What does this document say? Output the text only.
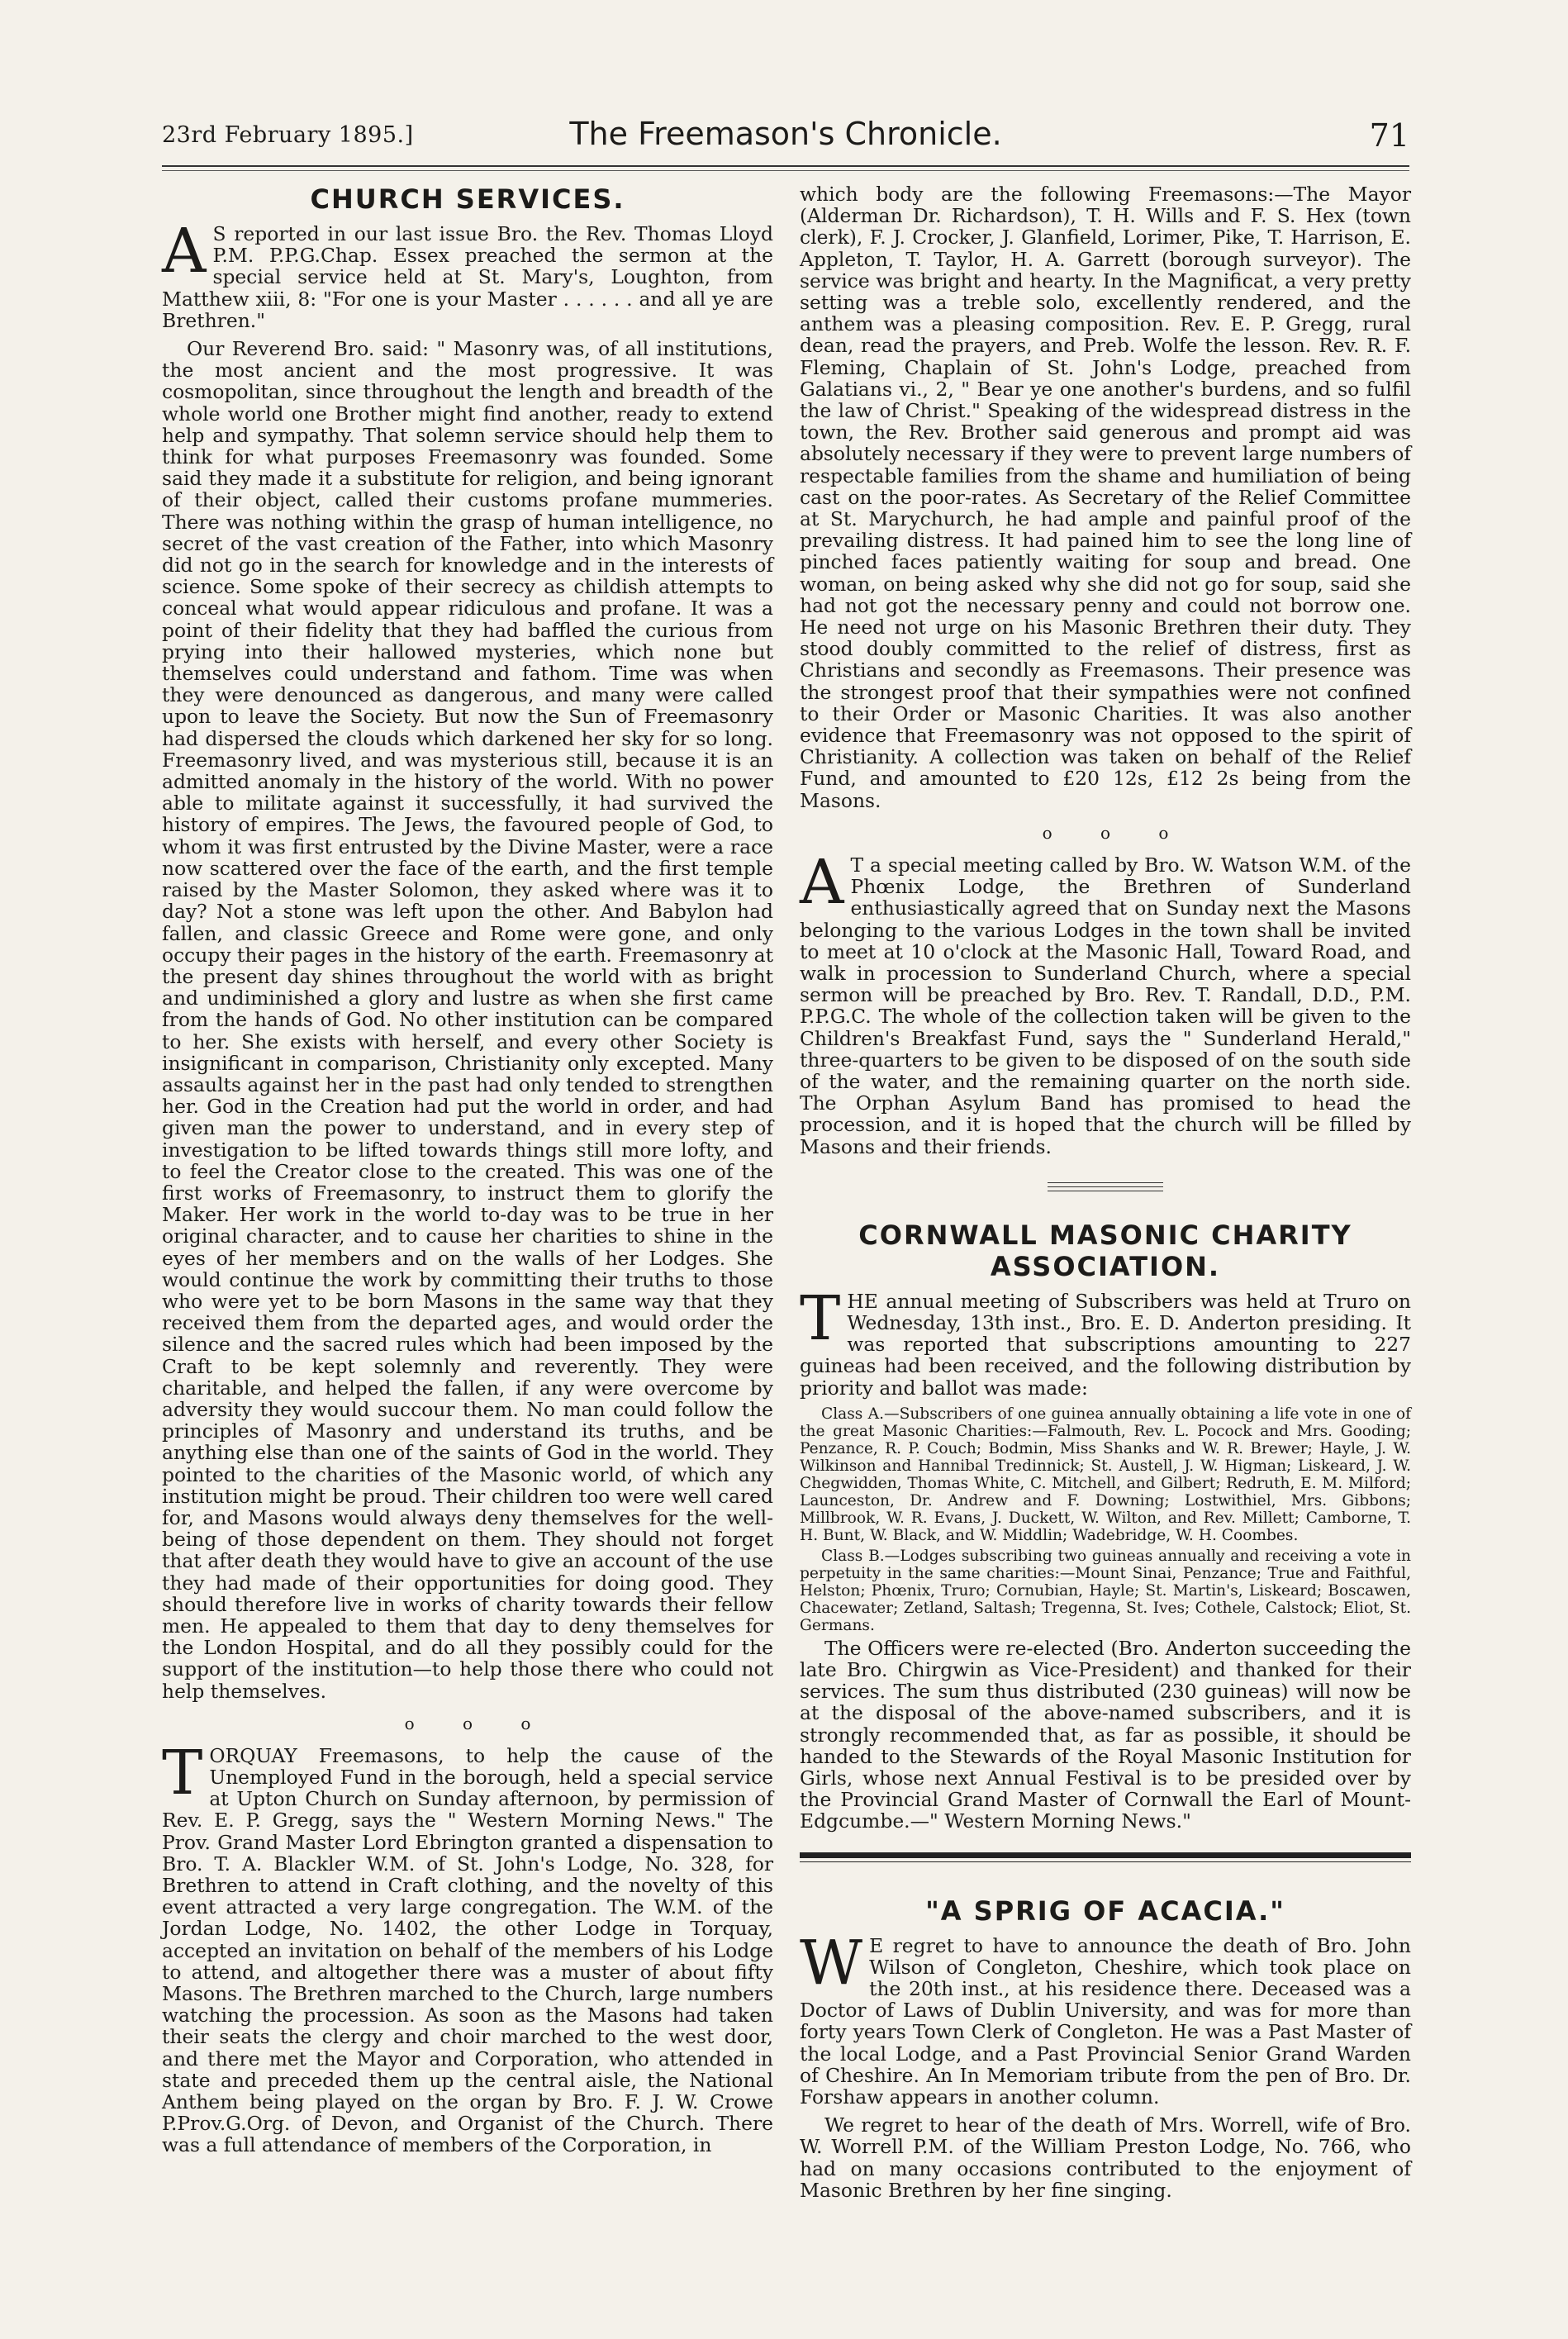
23rd February 1895.]	The Freemason's Chronicle.	71
CHURCH SERVICES.

A S reported in our last issue Bro. the Rev. Thomas Lloyd P.M. P.P.G.Chap. Essex preached the sermon at the special service held at St. Mary's, Loughton, from Matthew xiii, 8: "For one is your Master . . . . . . and all ye are Brethren."

Our Reverend Bro. said: " Masonry was, of all institutions, the most ancient and the most progressive. It was cosmopolitan, since throughout the length and breadth of the whole world one Brother might find another, ready to extend help and sympathy. That solemn service should help them to think for what purposes Freemasonry was founded. Some said they made it a substitute for religion, and being ignorant of their object, called their customs profane mummeries. There was nothing within the grasp of human intelligence, no secret of the vast creation of the Father, into which Masonry did not go in the search for knowledge and in the interests of science. Some spoke of their secrecy as childish attempts to conceal what would appear ridiculous and profane. It was a point of their fidelity that they had baffled the curious from prying into their hallowed mysteries, which none but themselves could understand and fathom. Time was when they were denounced as dangerous, and many were called upon to leave the Society. But now the Sun of Freemasonry had dispersed the clouds which darkened her sky for so long. Freemasonry lived, and was mysterious still, because it is an admitted anomaly in the history of the world. With no power able to militate against it successfully, it had survived the history of empires. The Jews, the favoured people of God, to whom it was first entrusted by the Divine Master, were a race now scattered over the face of the earth, and the first temple raised by the Master Solomon, they asked where was it to day? Not a stone was left upon the other. And Babylon had fallen, and classic Greece and Rome were gone, and only occupy their pages in the history of the earth. Freemasonry at the present day shines throughout the world with as bright and undiminished a glory and lustre as when she first came from the hands of God. No other institution can be compared to her. She exists with herself, and every other Society is insignificant in comparison, Christianity only excepted. Many assaults against her in the past had only tended to strengthen her. God in the Creation had put the world in order, and had given man the power to understand, and in every step of investigation to be lifted towards things still more lofty, and to feel the Creator close to the created. This was one of the first works of Freemasonry, to instruct them to glorify the Maker. Her work in the world to-day was to be true in her original character, and to cause her charities to shine in the eyes of her members and on the walls of her Lodges. She would continue the work by committing their truths to those who were yet to be born Masons in the same way that they received them from the departed ages, and would order the silence and the sacred rules which had been imposed by the Craft to be kept solemnly and reverently. They were charitable, and helped the fallen, if any were overcome by adversity they would succour them. No man could follow the principles of Masonry and understand its truths, and be anything else than one of the saints of God in the world. They pointed to the charities of the Masonic world, of which any institution might be proud. Their children too were well cared for, and Masons would always deny themselves for the well-being of those dependent on them. They should not forget that after death they would have to give an account of the use they had made of their opportunities for doing good. They should therefore live in works of charity towards their fellow men. He appealed to them that day to deny themselves for the London Hospital, and do all they possibly could for the support of the institution—to help those there who could not help themselves.

o o o

TORQUAY Freemasons, to help the cause of the Unemployed Fund in the borough, held a special service at Upton Church on Sunday afternoon, by permission of Rev. E. P. Gregg, says the " Western Morning News." The Prov. Grand Master Lord Ebrington granted a dispensation to Bro. T. A. Blackler W.M. of St. John's Lodge, No. 328, for Brethren to attend in Craft clothing, and the novelty of this event attracted a very large congregation. The W.M. of the Jordan Lodge, No. 1402, the other Lodge in Torquay, accepted an invitation on behalf of the members of his Lodge to attend, and altogether there was a muster of about fifty Masons. The Brethren marched to the Church, large numbers watching the procession. As soon as the Masons had taken their seats the clergy and choir marched to the west door, and there met the Mayor and Corporation, who attended in state and preceded them up the central aisle, the National Anthem being played on the organ by Bro. F. J. W. Crowe P.Prov.G.Org. of Devon, and Organist of the Church. There was a full attendance of members of the Corporation, in

which body are the following Freemasons:—The Mayor (Alderman Dr. Richardson), T. H. Wills and F. S. Hex (town clerk), F. J. Crocker, J. Glanfield, Lorimer, Pike, T. Harrison, E. Appleton, T. Taylor, H. A. Garrett (borough surveyor). The service was bright and hearty. In the Magnificat, a very pretty setting was a treble solo, excellently rendered, and the anthem was a pleasing composition. Rev. E. P. Gregg, rural dean, read the prayers, and Preb. Wolfe the lesson. Rev. R. F. Fleming, Chaplain of St. John's Lodge, preached from Galatians vi., 2, " Bear ye one another's burdens, and so fulfil the law of Christ." Speaking of the widespread distress in the town, the Rev. Brother said generous and prompt aid was absolutely necessary if they were to prevent large numbers of respectable families from the shame and humiliation of being cast on the poor-rates. As Secretary of the Relief Committee at St. Marychurch, he had ample and painful proof of the prevailing distress. It had pained him to see the long line of pinched faces patiently waiting for soup and bread. One woman, on being asked why she did not go for soup, said she had not got the necessary penny and could not borrow one. He need not urge on his Masonic Brethren their duty. They stood doubly committed to the relief of distress, first as Christians and secondly as Freemasons. Their presence was the strongest proof that their sympathies were not confined to their Order or Masonic Charities. It was also another evidence that Freemasonry was not opposed to the spirit of Christianity. A collection was taken on behalf of the Relief Fund, and amounted to £20 12s, £12 2s being from the Masons.

o o o

A T a special meeting called by Bro. W. Watson W.M. of the Phœnix Lodge, the Brethren of Sunderland enthusiastically agreed that on Sunday next the Masons belonging to the various Lodges in the town shall be invited to meet at 10 o'clock at the Masonic Hall, Toward Road, and walk in procession to Sunderland Church, where a special sermon will be preached by Bro. Rev. T. Randall, D.D., P.M. P.P.G.C. The whole of the collection taken will be given to the Children's Breakfast Fund, says the " Sunderland Herald," three-quarters to be given to be disposed of on the south side of the water, and the remaining quarter on the north side. The Orphan Asylum Band has promised to head the procession, and it is hoped that the church will be filled by Masons and their friends.

CORNWALL MASONIC CHARITY ASSOCIATION.

THE annual meeting of Subscribers was held at Truro on Wednesday, 13th inst., Bro. E. D. Anderton presiding. It was reported that subscriptions amounting to 227 guineas had been received, and the following distribution by priority and ballot was made:

Class A.—Subscribers of one guinea annually obtaining a life vote in one of the great Masonic Charities:—Falmouth, Rev. L. Pocock and Mrs. Gooding; Penzance, R. P. Couch; Bodmin, Miss Shanks and W. R. Brewer; Hayle, J. W. Wilkinson and Hannibal Tredinnick; St. Austell, J. W. Higman; Liskeard, J. W. Chegwidden, Thomas White, C. Mitchell, and Gilbert; Redruth, E. M. Milford; Launceston, Dr. Andrew and F. Downing; Lostwithiel, Mrs. Gibbons; Millbrook, W. R. Evans, J. Duckett, W. Wilton, and Rev. Millett; Camborne, T. H. Bunt, W. Black, and W. Middlin; Wadebridge, W. H. Coombes.

Class B.—Lodges subscribing two guineas annually and receiving a vote in perpetuity in the same charities:—Mount Sinai, Penzance; True and Faithful, Helston; Phœnix, Truro; Cornubian, Hayle; St. Martin's, Liskeard; Boscawen, Chacewater; Zetland, Saltash; Tregenna, St. Ives; Cothele, Calstock; Eliot, St. Germans.

The Officers were re-elected (Bro. Anderton succeeding the late Bro. Chirgwin as Vice-President) and thanked for their services. The sum thus distributed (230 guineas) will now be at the disposal of the above-named subscribers, and it is strongly recommended that, as far as possible, it should be handed to the Stewards of the Royal Masonic Institution for Girls, whose next Annual Festival is to be presided over by the Provincial Grand Master of Cornwall the Earl of Mount-Edgcumbe.—" Western Morning News."

"A SPRIG OF ACACIA."

W E regret to have to announce the death of Bro. John Wilson of Congleton, Cheshire, which took place on the 20th inst., at his residence there. Deceased was a Doctor of Laws of Dublin University, and was for more than forty years Town Clerk of Congleton. He was a Past Master of the local Lodge, and a Past Provincial Senior Grand Warden of Cheshire. An In Memoriam tribute from the pen of Bro. Dr. Forshaw appears in another column.

We regret to hear of the death of Mrs. Worrell, wife of Bro. W. Worrell P.M. of the William Preston Lodge, No. 766, who had on many occasions contributed to the enjoyment of Masonic Brethren by her fine singing.
